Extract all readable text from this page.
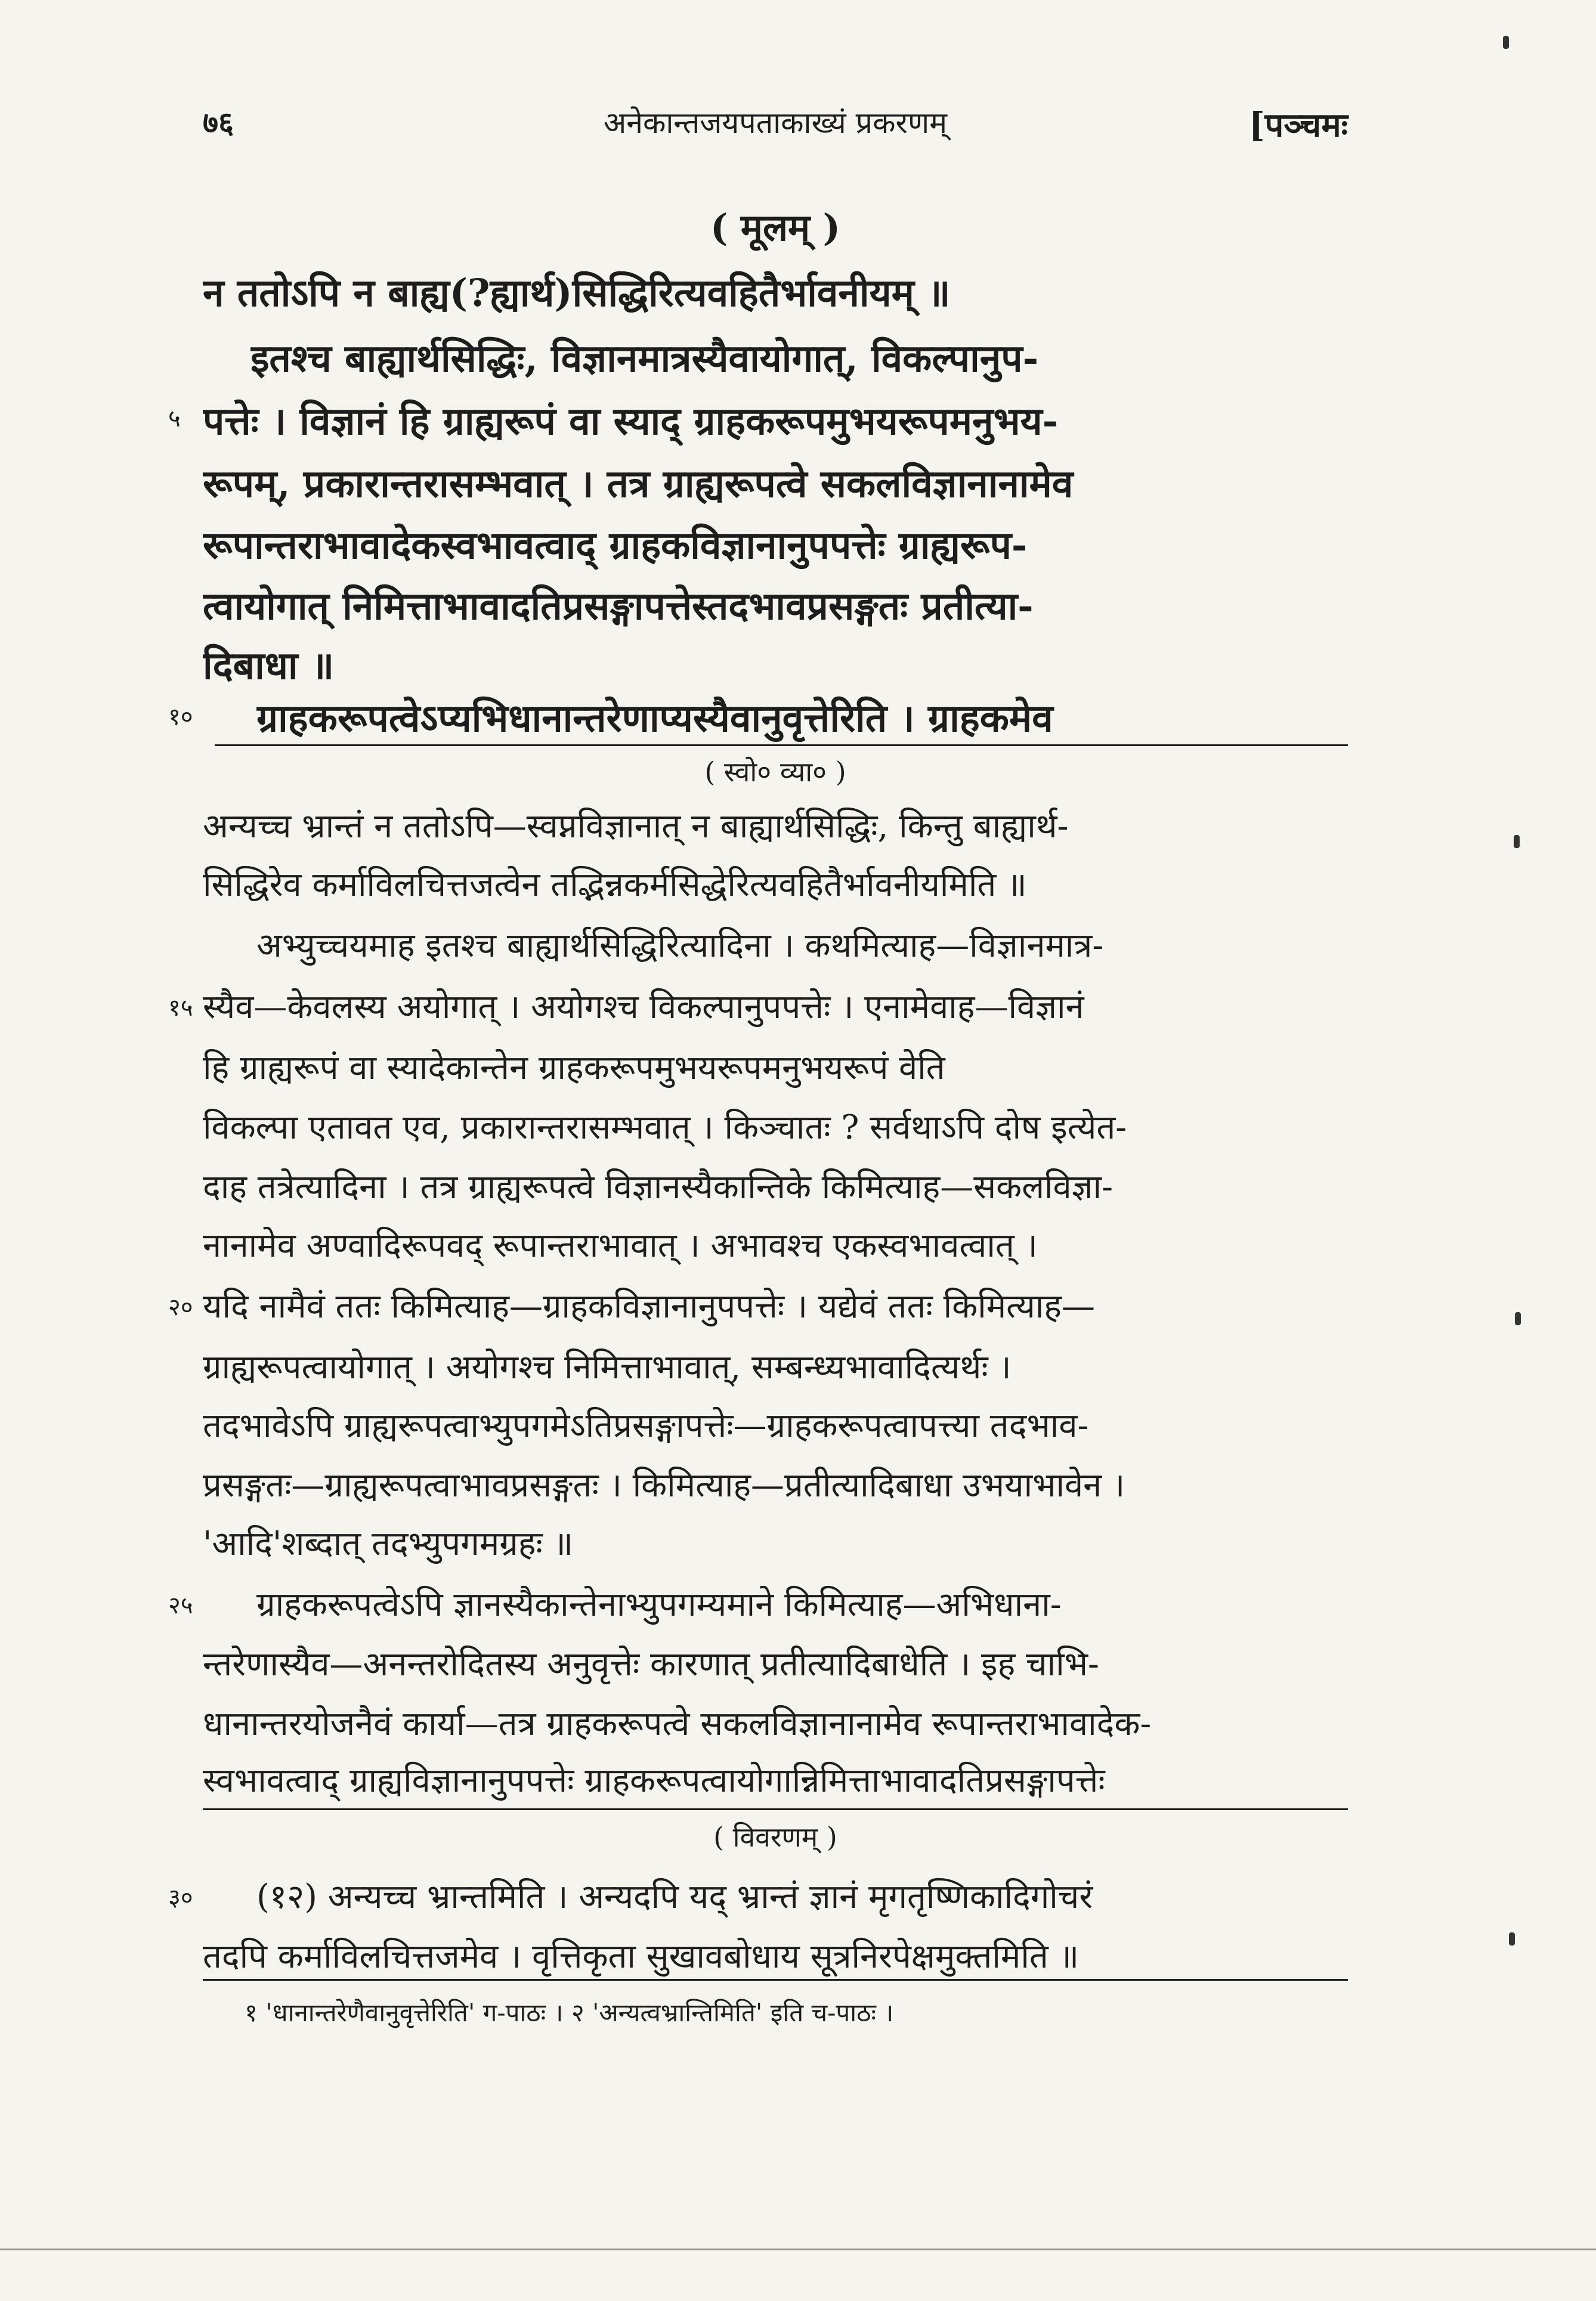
७६	अनेकान्तजयपताकाख्यं प्रकरणम्	[पञ्चमः
( मूलम् )
न ततोऽपि न बाह्य(?ह्यार्थ)सिद्धिरित्यवहितैर्भावनीयम् ॥
इतश्च बाह्यार्थसिद्धिः, विज्ञानमात्रस्यैवायोगात्, विकल्पानुप-
पत्तेः । विज्ञानं हि ग्राह्यरूपं वा स्याद् ग्राहकरूपमुभयरूपमनुभय-
रूपम्, प्रकारान्तरासम्भवात् । तत्र ग्राह्यरूपत्वे सकलविज्ञानानामेव
रूपान्तराभावादेकस्वभावत्वाद् ग्राहकविज्ञानानुपपत्तेः ग्राह्यरूप-
त्वायोगात् निमित्ताभावादतिप्रसङ्गापत्तेस्तदभावप्रसङ्गतः प्रतीत्या-
दिबाधा ॥
ग्राहकरूपत्वेऽप्यभिधानान्तरेणाप्यस्यैवानुवृत्तेरिति । ग्राहकमेव
( स्वो० व्या० )
अन्यच्च भ्रान्तं न ततोऽपि—स्वप्नविज्ञानात् न बाह्यार्थसिद्धिः, किन्तु बाह्यार्थ-
सिद्धिरेव कर्माविलचित्तजत्वेन तद्भिन्नकर्मसिद्धेरित्यवहितैर्भावनीयमिति ॥
अभ्युच्चयमाह इतश्च बाह्यार्थसिद्धिरित्यादिना । कथमित्याह—विज्ञानमात्र-
स्यैव—केवलस्य अयोगात् । अयोगश्च विकल्पानुपपत्तेः । एनामेवाह—विज्ञानं
हि ग्राह्यरूपं वा स्यादेकान्तेन ग्राहकरूपमुभयरूपमनुभयरूपं वेति
विकल्पा एतावत एव, प्रकारान्तरासम्भवात् । किञ्चातः ? सर्वथाऽपि दोष इत्येत-
दाह तत्रेत्यादिना । तत्र ग्राह्यरूपत्वे विज्ञानस्यैकान्तिके किमित्याह—सकलविज्ञा-
नानामेव अण्वादिरूपवद् रूपान्तराभावात् । अभावश्च एकस्वभावत्वात् ।
यदि नामैवं ततः किमित्याह—ग्राहकविज्ञानानुपपत्तेः । यद्येवं ततः किमित्याह—
ग्राह्यरूपत्वायोगात् । अयोगश्च निमित्ताभावात्, सम्बन्ध्यभावादित्यर्थः ।
तदभावेऽपि ग्राह्यरूपत्वाभ्युपगमेऽतिप्रसङ्गापत्तेः—ग्राहकरूपत्वापत्त्या तदभाव-
प्रसङ्गतः—ग्राह्यरूपत्वाभावप्रसङ्गतः । किमित्याह—प्रतीत्यादिबाधा उभयाभावेन ।
'आदि'शब्दात् तदभ्युपगमग्रहः ॥
ग्राहकरूपत्वेऽपि ज्ञानस्यैकान्तेनाभ्युपगम्यमाने किमित्याह—अभिधाना-
न्तरेणास्यैव—अनन्तरोदितस्य अनुवृत्तेः कारणात् प्रतीत्यादिबाधेति । इह चाभि-
धानान्तरयोजनैवं कार्या—तत्र ग्राहकरूपत्वे सकलविज्ञानानामेव रूपान्तराभावादेक-
स्वभावत्वाद् ग्राह्यविज्ञानानुपपत्तेः ग्राहकरूपत्वायोगान्निमित्ताभावादतिप्रसङ्गापत्तेः
( विवरणम् )
(१२) अन्यच्च भ्रान्तमिति । अन्यदपि यद् भ्रान्तं ज्ञानं मृगतृष्णिकादिगोचरं
तदपि कर्माविलचित्तजमेव । वृत्तिकृता सुखावबोधाय सूत्रनिरपेक्षमुक्तमिति ॥
१ 'धानान्तरेणैवानुवृत्तेरिति' ग-पाठः । २ 'अन्यत्वभ्रान्तिमिति' इति च-पाठः ।
५
१०
१५
२०
२५
३०
